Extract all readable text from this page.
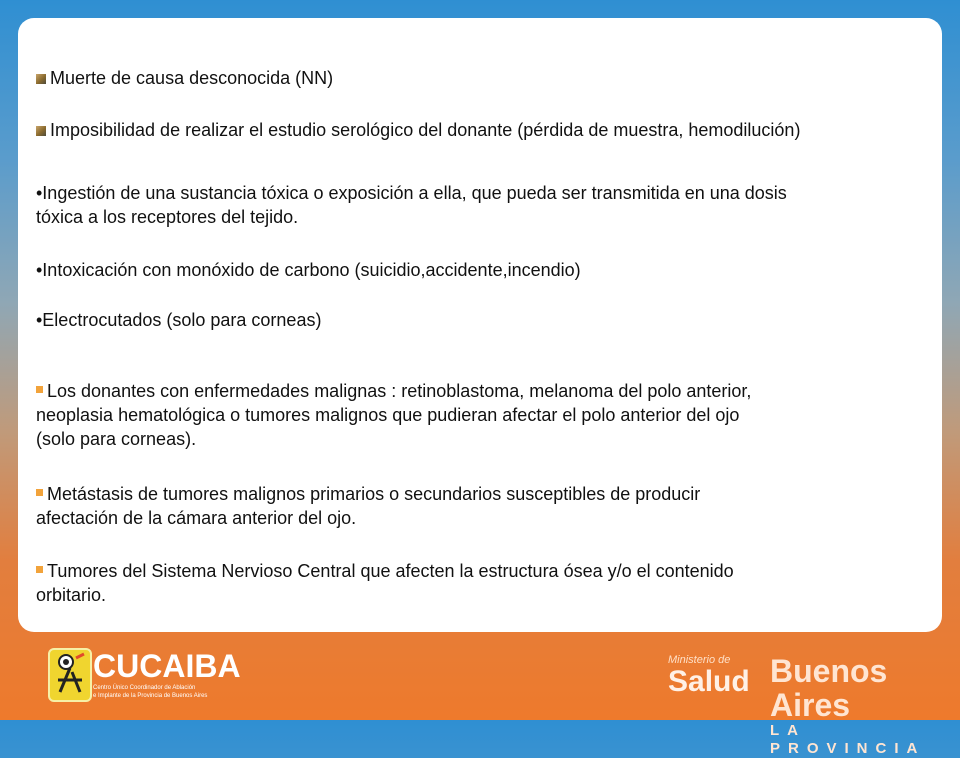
Muerte de causa desconocida (NN)
Imposibilidad de realizar el estudio serológico del donante (pérdida de muestra, hemodilución)
•Ingestión de una sustancia tóxica o exposición a ella, que pueda ser transmitida en una dosis
tóxica a los receptores del tejido.
•Intoxicación con monóxido de carbono (suicidio,accidente,incendio)
•Electrocutados (solo para corneas)
Los donantes con enfermedades malignas : retinoblastoma, melanoma del polo anterior,
neoplasia hematológica o tumores malignos que pudieran afectar el polo anterior del ojo
(solo para corneas).
Metástasis de tumores malignos primarios o secundarios susceptibles de producir
afectación de la cámara anterior del ojo.
Tumores del Sistema Nervioso Central que afecten la estructura ósea y/o el contenido
orbitario.
CUCAIBA
Centro Único Coordinador de Ablación
e Implante de la Provincia de Buenos Aires
Ministerio de
Salud Buenos Aires
LA PROVINCIA
